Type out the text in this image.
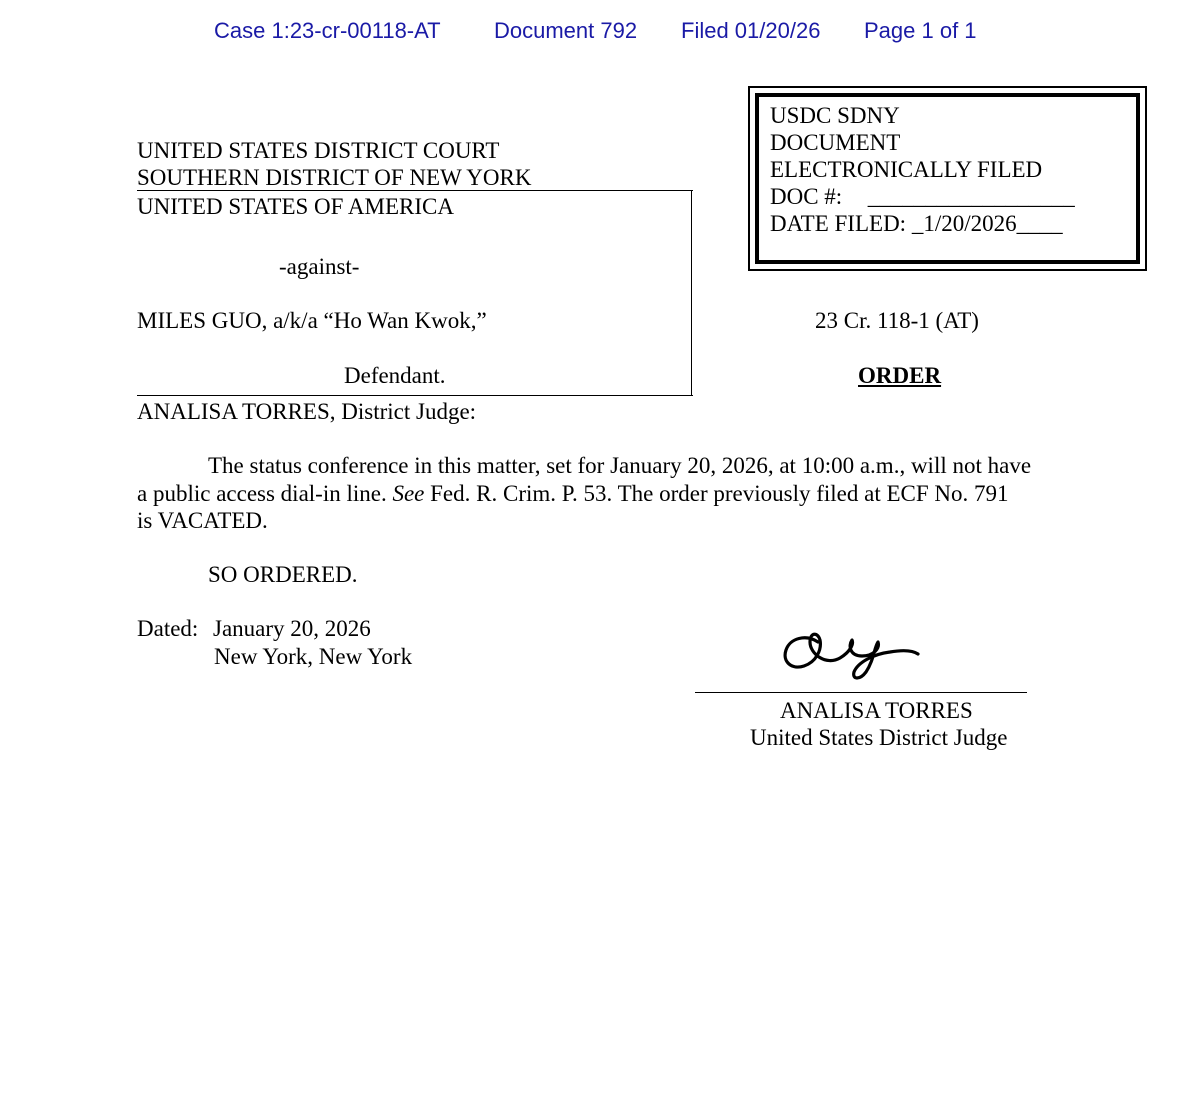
Case 1:23-cr-00118-AT Document 792 Filed 01/20/26 Page 1 of 1
USDC SDNY
DOCUMENT
ELECTRONICALLY FILED
DOC #: __________________
DATE FILED: _1/20/2026____
UNITED STATES DISTRICT COURT
SOUTHERN DISTRICT OF NEW YORK
UNITED STATES OF AMERICA
-against-
MILES GUO, a/k/a “Ho Wan Kwok,”
Defendant.
23 Cr. 118-1 (AT)
ORDER
ANALISA TORRES, District Judge:
The status conference in this matter, set for January 20, 2026, at 10:00 a.m., will not have
a public access dial-in line. See Fed. R. Crim. P. 53. The order previously filed at ECF No. 791
is VACATED.
SO ORDERED.
Dated: January 20, 2026
New York, New York
ANALISA TORRES
United States District Judge
